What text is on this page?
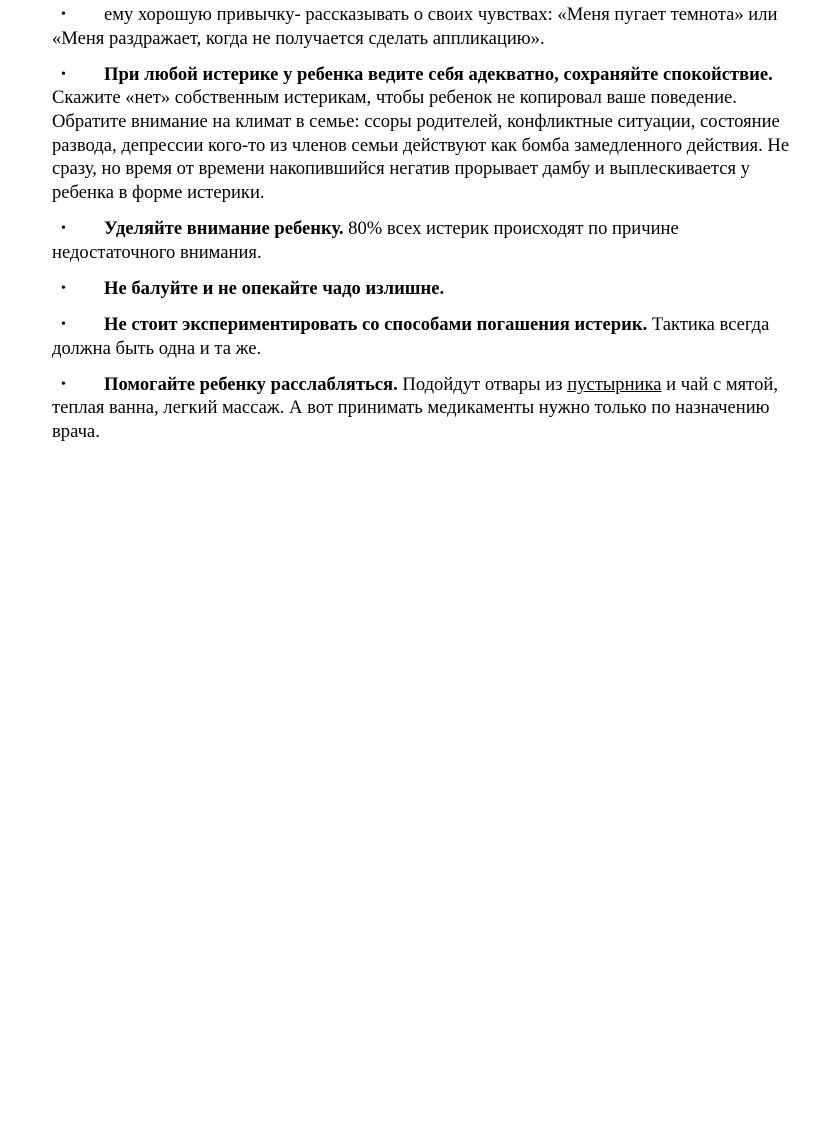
• ему хорошую привычку- рассказывать о своих чувствах: «Меня пугает темнота» или «Меня раздражает, когда не получается сделать аппликацию».
• При любой истерике у ребенка ведите себя адекватно, сохраняйте спокойствие. Скажите «нет» собственным истерикам, чтобы ребенок не копировал ваше поведение. Обратите внимание на климат в семье: ссоры родителей, конфликтные ситуации, состояние развода, депрессии кого-то из членов семьи действуют как бомба замедленного действия. Не сразу, но время от времени накопившийся негатив прорывает дамбу и выплескивается у ребенка в форме истерики.
• Уделяйте внимание ребенку. 80% всех истерик происходят по причине недостаточного внимания.
• Не балуйте и не опекайте чадо излишне.
• Не стоит экспериментировать со способами погашения истерик. Тактика всегда должна быть одна и та же.
• Помогайте ребенку расслабляться. Подойдут отвары из пустырника и чай с мятой, теплая ванна, легкий массаж. А вот принимать медикаменты нужно только по назначению врача.
